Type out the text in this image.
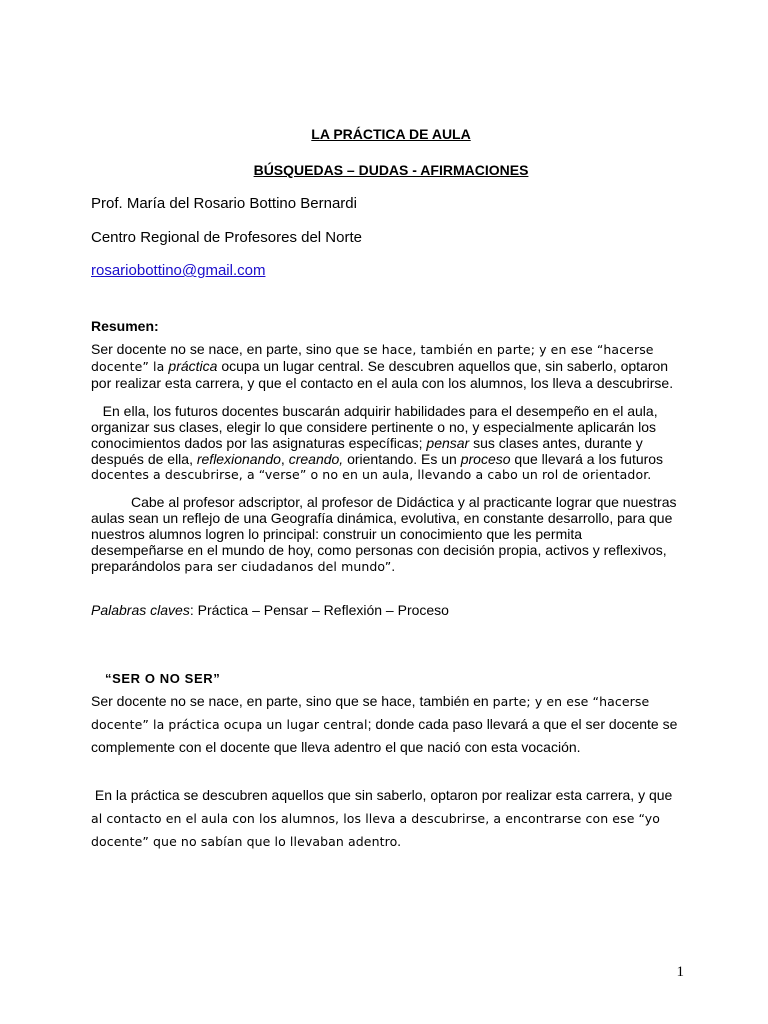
LA PRÁCTICA DE AULA
BÚSQUEDAS – DUDAS - AFIRMACIONES
Prof. María del Rosario Bottino Bernardi
Centro Regional de Profesores del Norte
rosariobottino@gmail.com
Resumen:
Ser docente no se nace, en parte, sino que se hace, también en parte; y en ese “hacerse
docente” la práctica ocupa un lugar central. Se descubren aquellos que, sin saberlo, optaron
por realizar esta carrera, y que el contacto en el aula con los alumnos, los lleva a descubrirse.
En ella, los futuros docentes buscarán adquirir habilidades para el desempeño en el aula,
organizar sus clases, elegir lo que considere pertinente o no, y especialmente aplicarán los
conocimientos dados por las asignaturas específicas; pensar sus clases antes, durante y
después de ella, reflexionando, creando, orientando. Es un proceso que llevará a los futuros
docentes a descubrirse, a “verse” o no en un aula, llevando a cabo un rol de orientador.
Cabe al profesor adscriptor, al profesor de Didáctica y al practicante lograr que nuestras
aulas sean un reflejo de una Geografía dinámica, evolutiva, en constante desarrollo, para que
nuestros alumnos logren lo principal: construir un conocimiento que les permita
desempeñarse en el mundo de hoy, como personas con decisión propia, activos y reflexivos,
preparándolos para ser ciudadanos del mundo”.
Palabras claves: Práctica – Pensar – Reflexión – Proceso
“SER O NO SER”
Ser docente no se nace, en parte, sino que se hace, también en parte; y en ese “hacerse
docente” la práctica ocupa un lugar central; donde cada paso llevará a que el ser docente se
complemente con el docente que lleva adentro el que nació con esta vocación.
En la práctica se descubren aquellos que sin saberlo, optaron por realizar esta carrera, y que
al contacto en el aula con los alumnos, los lleva a descubrirse, a encontrarse con ese “yo
docente” que no sabían que lo llevaban adentro.
1
